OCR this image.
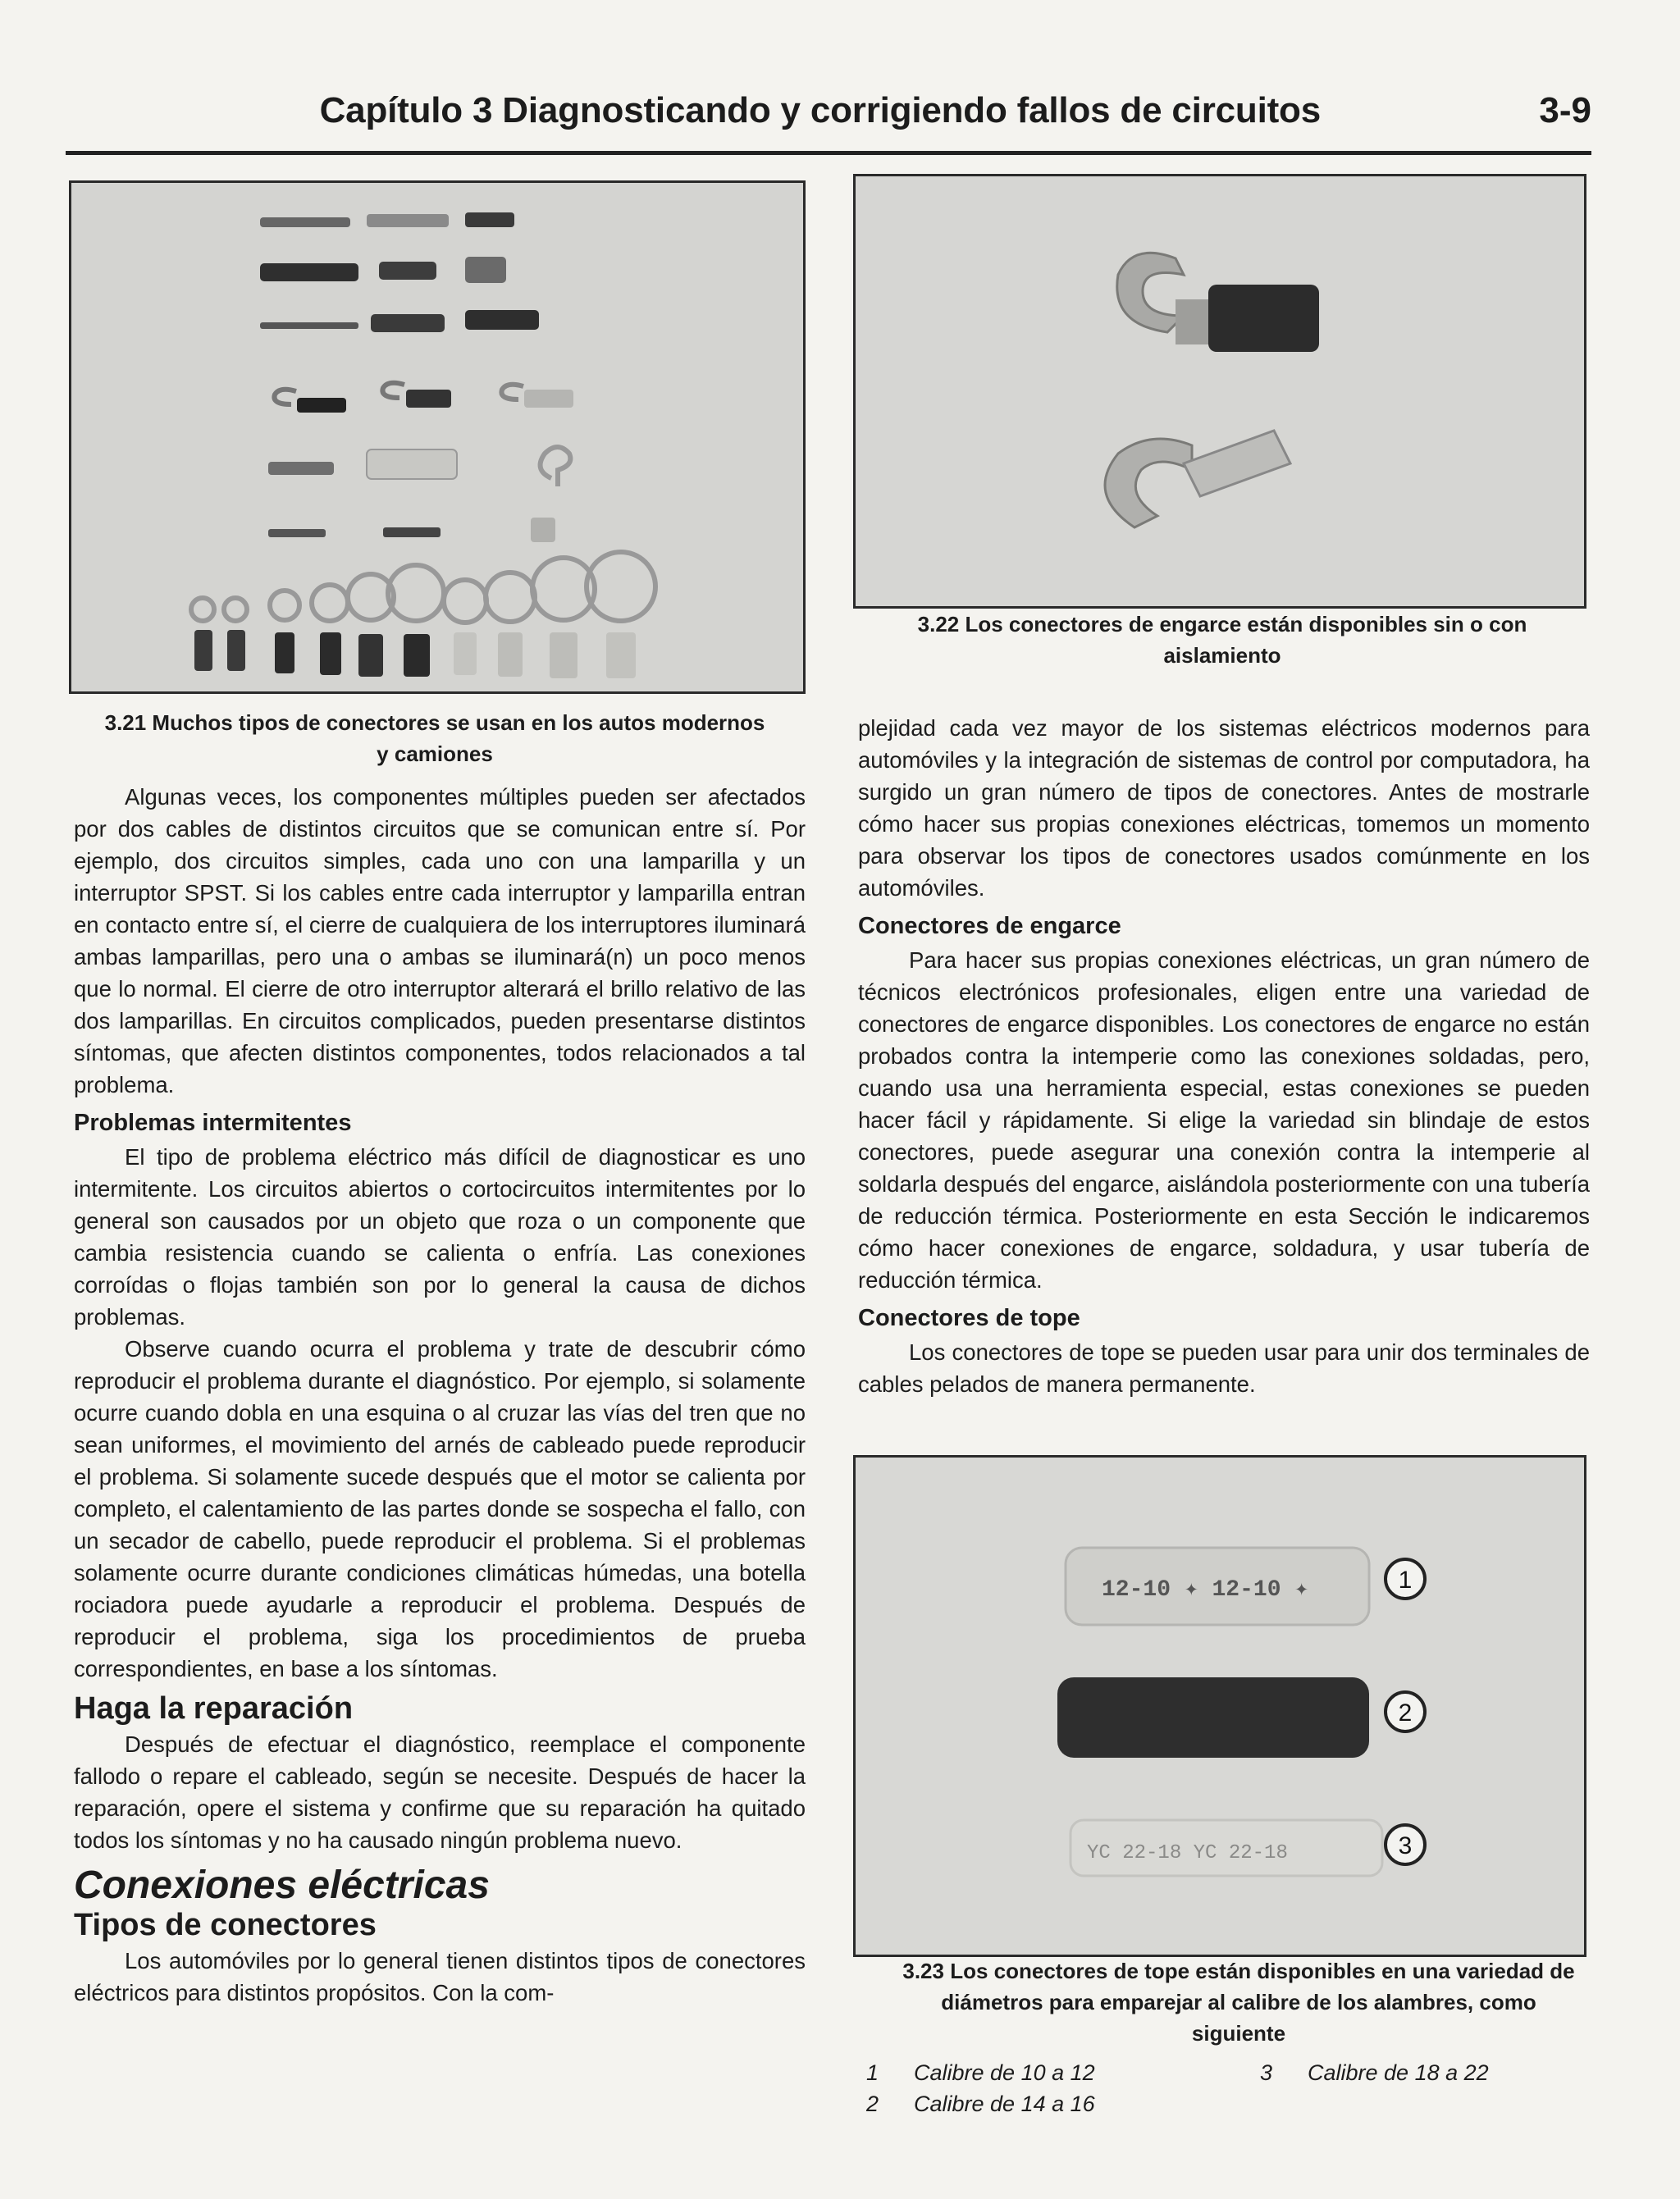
Capítulo 3 Diagnosticando y corrigiendo fallos de circuitos	3-9
3.21 Muchos tipos de conectores se usan en los autos modernos y camiones
3.22 Los conectores de engarce están disponibles sin o con aislamiento
12-10 ✦ 12-10 ✦
YC 22-18 YC 22-18
1
2
3
3.23 Los conectores de tope están disponibles en una variedad de diámetros para emparejar al calibre de los alambres, como siguiente
1 Calibre de 10 a 12
2 Calibre de 14 a 16
3 Calibre de 18 a 22

Algunas veces, los componentes múltiples pueden ser afectados por dos cables de distintos circuitos que se comunican entre sí. Por ejemplo, dos circuitos simples, cada uno con una lamparilla y un interruptor SPST. Si los cables entre cada interruptor y lamparilla entran en contacto entre sí, el cierre de cualquiera de los interruptores iluminará ambas lamparillas, pero una o ambas se iluminará(n) un poco menos que lo normal. El cierre de otro interruptor alterará el brillo relativo de las dos lamparillas. En circuitos complicados, pueden presentarse distintos síntomas, que afecten distintos componentes, todos relacionados a tal problema.

Problemas intermitentes

El tipo de problema eléctrico más difícil de diagnosticar es uno intermitente. Los circuitos abiertos o cortocircuitos intermitentes por lo general son causados por un objeto que roza o un componente que cambia resistencia cuando se calienta o enfría. Las conexiones corroídas o flojas también son por lo general la causa de dichos problemas.

Observe cuando ocurra el problema y trate de descubrir cómo reproducir el problema durante el diagnóstico. Por ejemplo, si solamente ocurre cuando dobla en una esquina o al cruzar las vías del tren que no sean uniformes, el movimiento del arnés de cableado puede reproducir el problema. Si solamente sucede después que el motor se calienta por completo, el calentamiento de las partes donde se sospecha el fallo, con un secador de cabello, puede reproducir el problema. Si el problemas solamente ocurre durante condiciones climáticas húmedas, una botella rociadora puede ayudarle a reproducir el problema. Después de reproducir el problema, siga los procedimientos de prueba correspondientes, en base a los síntomas.

Haga la reparación

Después de efectuar el diagnóstico, reemplace el componente fallodo o repare el cableado, según se necesite. Después de hacer la reparación, opere el sistema y confirme que su reparación ha quitado todos los síntomas y no ha causado ningún problema nuevo.

Conexiones eléctricas
Tipos de conectores

Los automóviles por lo general tienen distintos tipos de conectores eléctricos para distintos propósitos. Con la com-

plejidad cada vez mayor de los sistemas eléctricos modernos para automóviles y la integración de sistemas de control por computadora, ha surgido un gran número de tipos de conectores. Antes de mostrarle cómo hacer sus propias conexiones eléctricas, tomemos un momento para observar los tipos de conectores usados comúnmente en los automóviles.

Conectores de engarce

Para hacer sus propias conexiones eléctricas, un gran número de técnicos electrónicos profesionales, eligen entre una variedad de conectores de engarce disponibles. Los conectores de engarce no están probados contra la intemperie como las conexiones soldadas, pero, cuando usa una herramienta especial, estas conexiones se pueden hacer fácil y rápidamente. Si elige la variedad sin blindaje de estos conectores, puede asegurar una conexión contra la intemperie al soldarla después del engarce, aislándola posteriormente con una tubería de reducción térmica. Posteriormente en esta Sección le indicaremos cómo hacer conexiones de engarce, soldadura, y usar tubería de reducción térmica.

Conectores de tope

Los conectores de tope se pueden usar para unir dos terminales de cables pelados de manera permanente.
